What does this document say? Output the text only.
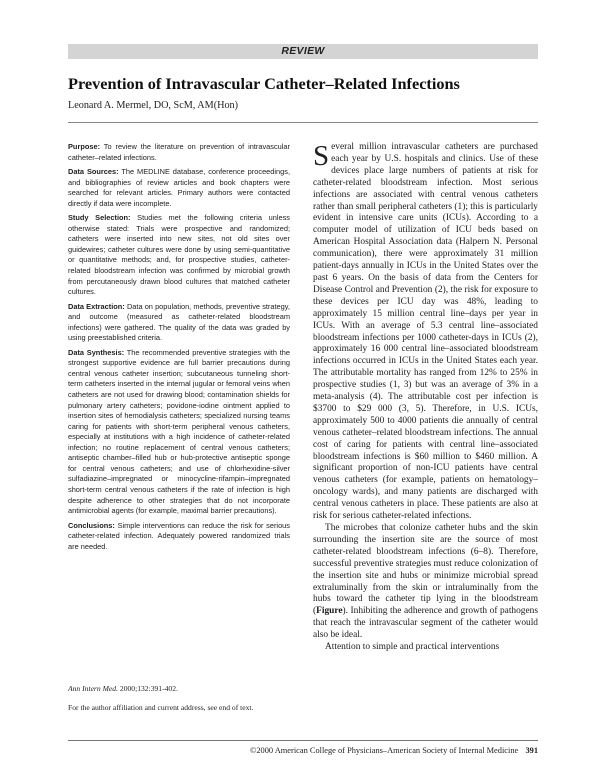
REVIEW
Prevention of Intravascular Catheter–Related Infections
Leonard A. Mermel, DO, ScM, AM(Hon)

Purpose: To review the literature on prevention of intravascular catheter–related infections.

Data Sources: The MEDLINE database, conference proceedings, and bibliographies of review articles and book chapters were searched for relevant articles. Primary authors were contacted directly if data were incomplete.

Study Selection: Studies met the following criteria unless otherwise stated: Trials were prospective and randomized; catheters were inserted into new sites, not old sites over guidewires; catheter cultures were done by using semi-quantitative or quantitative methods; and, for prospective studies, catheter-related bloodstream infection was confirmed by microbial growth from percutaneously drawn blood cultures that matched catheter cultures.

Data Extraction: Data on population, methods, preventive strategy, and outcome (measured as catheter-related bloodstream infections) were gathered. The quality of the data was graded by using preestablished criteria.

Data Synthesis: The recommended preventive strategies with the strongest supportive evidence are full barrier precautions during central venous catheter insertion; subcutaneous tunneling short-term catheters inserted in the internal jugular or femoral veins when catheters are not used for drawing blood; contamination shields for pulmonary artery catheters; povidone-iodine ointment applied to insertion sites of hemodialysis catheters; specialized nursing teams caring for patients with short-term peripheral venous catheters, especially at institutions with a high incidence of catheter-related infection; no routine replacement of central venous catheters; antiseptic chamber–filled hub or hub-protective antiseptic sponge for central venous catheters; and use of chlorhexidine-silver sulfadiazine–impregnated or minocycline-rifampin–impregnated short-term central venous catheters if the rate of infection is high despite adherence to other strategies that do not incorporate antimicrobial agents (for example, maximal barrier precautions).

Conclusions: Simple interventions can reduce the risk for serious catheter-related infection. Adequately powered randomized trials are needed.

Ann Intern Med. 2000;132:391-402.
For the author affiliation and current address, see end of text.

Several million intravascular catheters are purchased each year by U.S. hospitals and clinics. Use of these devices place large numbers of patients at risk for catheter-related bloodstream infection. Most serious infections are associated with central venous catheters rather than small peripheral catheters (1); this is particularly evident in intensive care units (ICUs). According to a computer model of utilization of ICU beds based on American Hospital Association data (Halpern N. Personal communication), there were approximately 31 million patient-days annually in ICUs in the United States over the past 6 years. On the basis of data from the Centers for Disease Control and Prevention (2), the risk for exposure to these devices per ICU day was 48%, leading to approximately 15 million central line–days per year in ICUs. With an average of 5.3 central line–associated bloodstream infections per 1000 catheter-days in ICUs (2), approximately 16 000 central line–associated bloodstream infections occurred in ICUs in the United States each year. The attributable mortality has ranged from 12% to 25% in prospective studies (1, 3) but was an average of 3% in a meta-analysis (4). The attributable cost per infection is $3700 to $29 000 (3, 5). Therefore, in U.S. ICUs, approximately 500 to 4000 patients die annually of central venous catheter–related bloodstream infections. The annual cost of caring for patients with central line–associated bloodstream infections is $60 million to $460 million. A significant proportion of non-ICU patients have central venous catheters (for example, patients on hematology–oncology wards), and many patients are discharged with central venous catheters in place. These patients are also at risk for serious catheter-related infections.

The microbes that colonize catheter hubs and the skin surrounding the insertion site are the source of most catheter-related bloodstream infections (6–8). Therefore, successful preventive strategies must reduce colonization of the insertion site and hubs or minimize microbial spread extraluminally from the skin or intraluminally from the hubs toward the catheter tip lying in the bloodstream (Figure). Inhibiting the adherence and growth of pathogens that reach the intravascular segment of the catheter would also be ideal.

Attention to simple and practical interventions

©2000 American College of Physicians–American Society of Internal Medicine 391
